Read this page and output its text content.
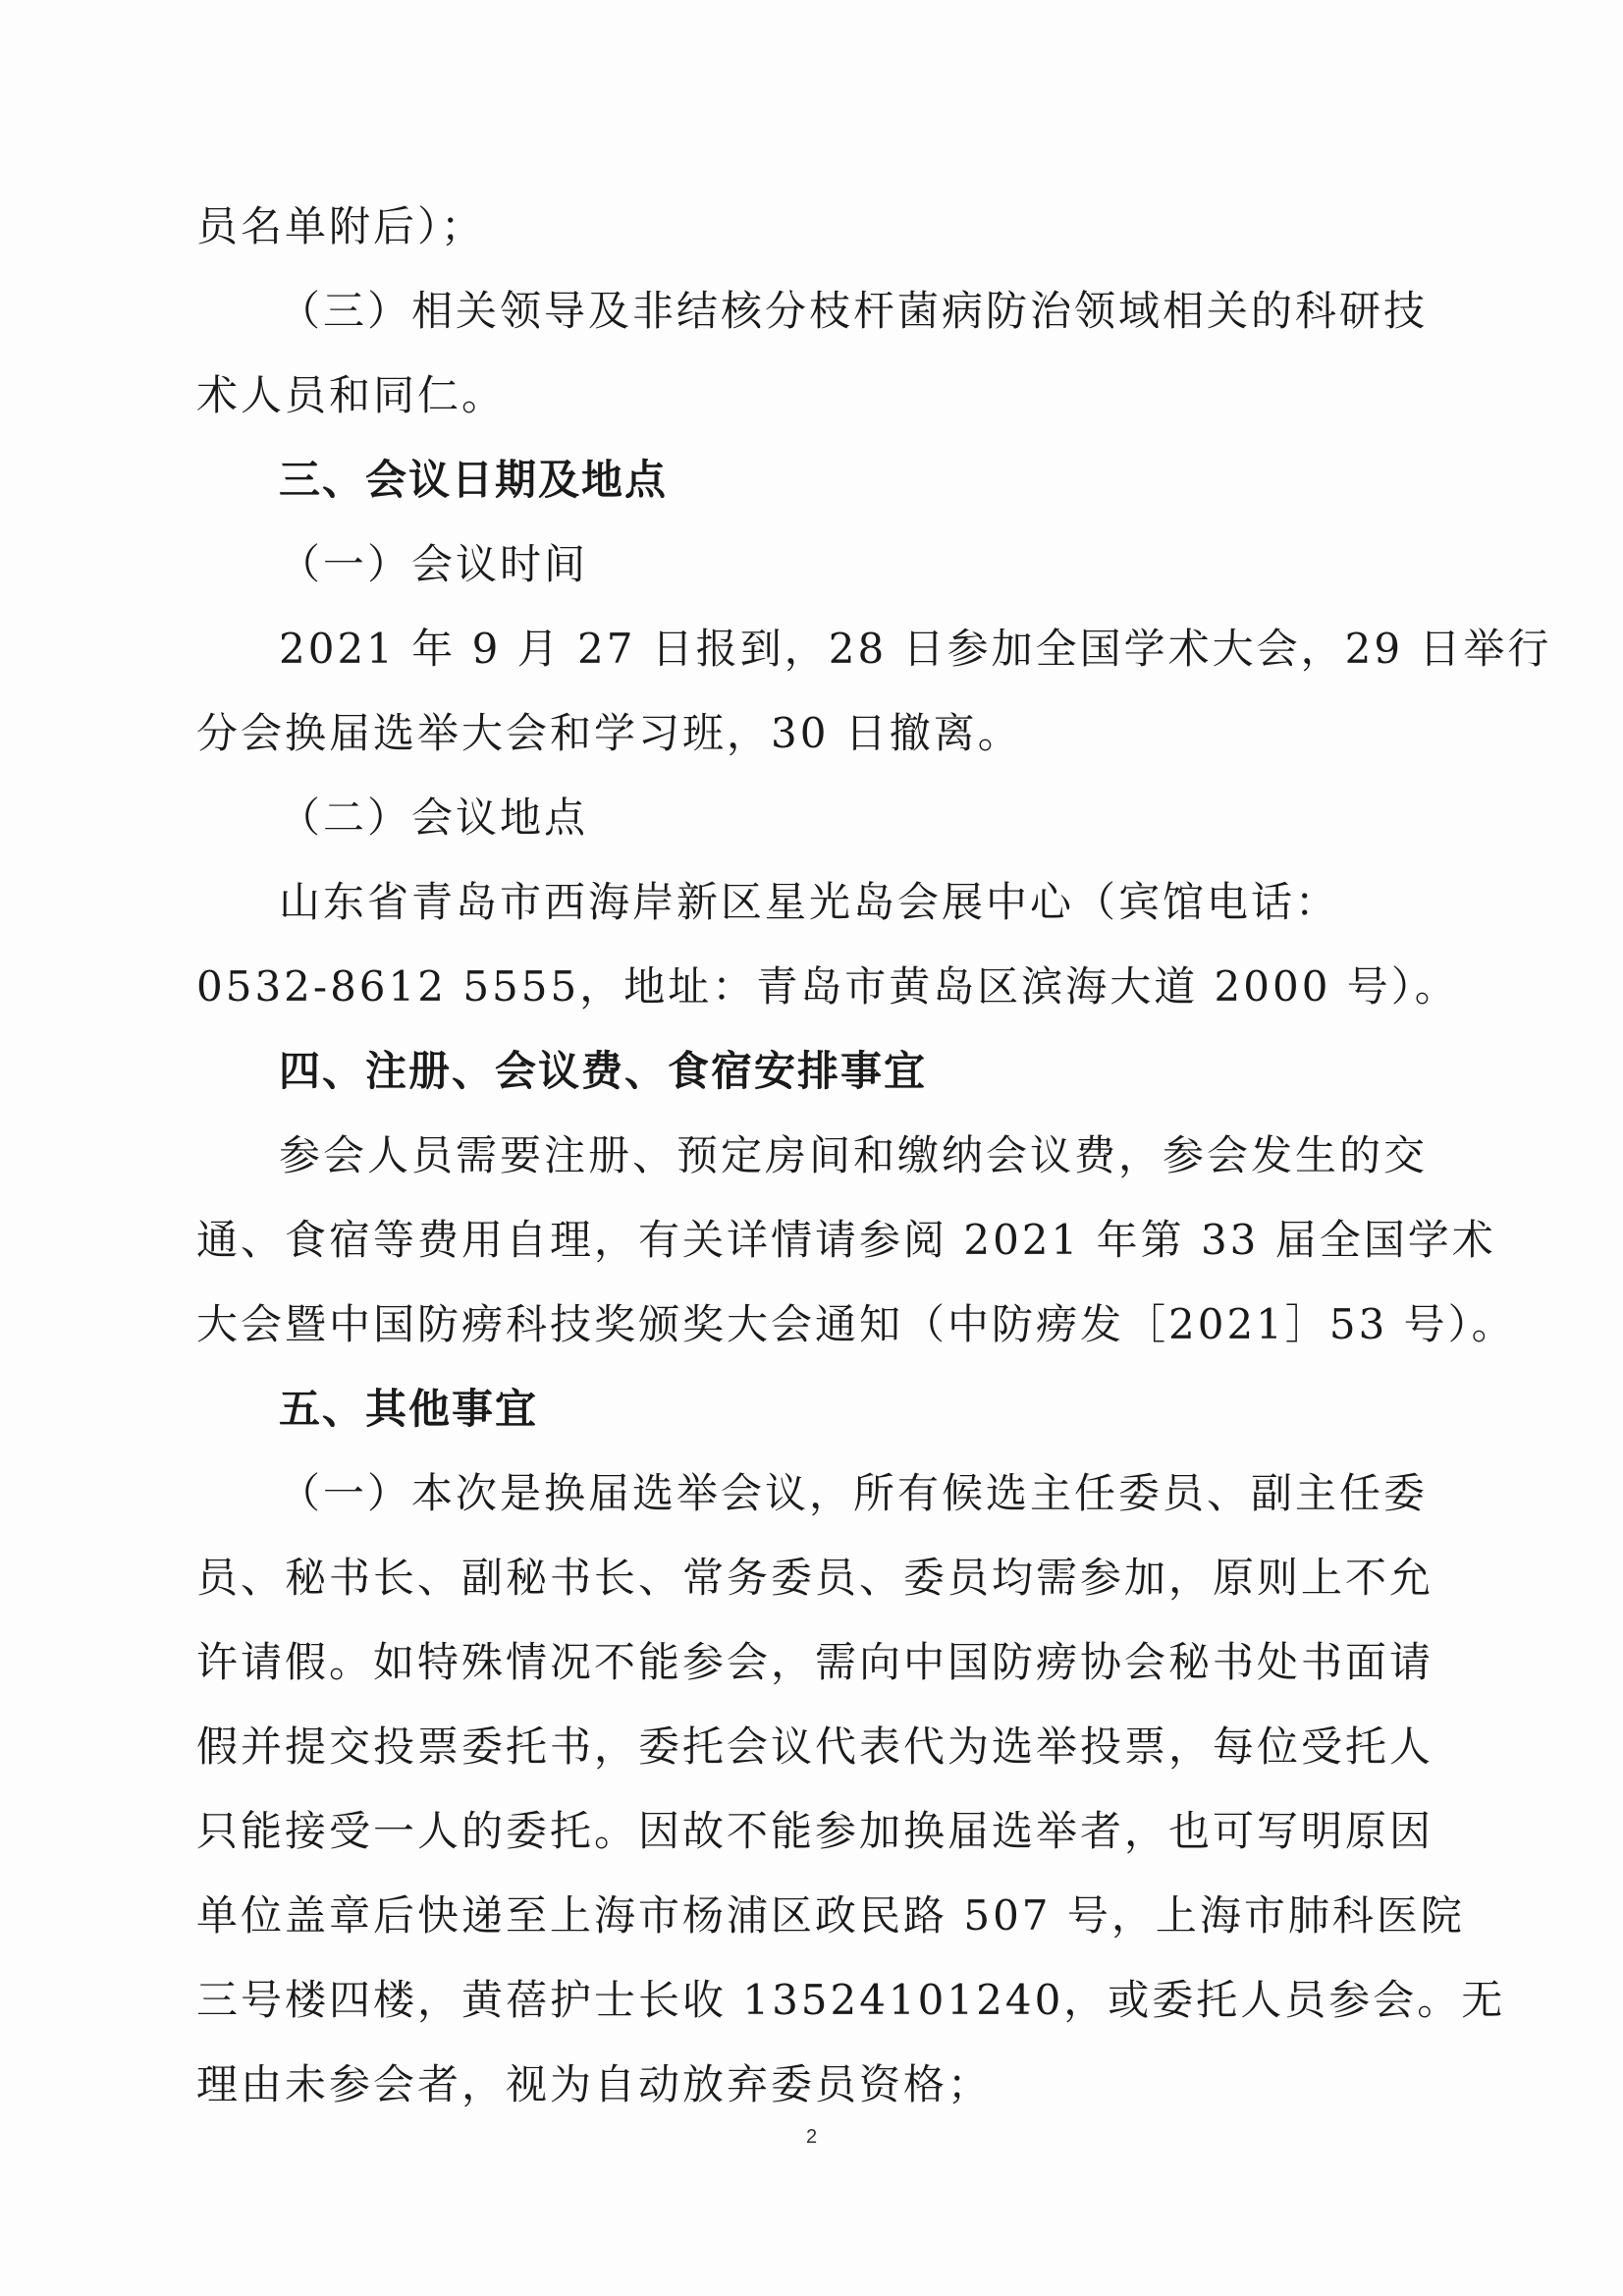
员名单附后）；
（三）相关领导及非结核分枝杆菌病防治领域相关的科研技
术人员和同仁。
三、会议日期及地点
（一）会议时间
2021 年 9 月 27 日报到，28 日参加全国学术大会，29 日举行
分会换届选举大会和学习班，30 日撤离。
（二）会议地点
山东省青岛市西海岸新区星光岛会展中心（宾馆电话：
0532-8612 5555，地址：青岛市黄岛区滨海大道 2000 号）。
四、注册、会议费、食宿安排事宜
参会人员需要注册、预定房间和缴纳会议费，参会发生的交
通、食宿等费用自理，有关详情请参阅 2021 年第 33 届全国学术
大会暨中国防痨科技奖颁奖大会通知（中防痨发［2021］53 号）。
五、其他事宜
（一）本次是换届选举会议，所有候选主任委员、副主任委
员、秘书长、副秘书长、常务委员、委员均需参加，原则上不允
许请假。如特殊情况不能参会，需向中国防痨协会秘书处书面请
假并提交投票委托书，委托会议代表代为选举投票，每位受托人
只能接受一人的委托。因故不能参加换届选举者，也可写明原因
单位盖章后快递至上海市杨浦区政民路 507 号，上海市肺科医院
三号楼四楼，黄蓓护士长收 13524101240，或委托人员参会。无
理由未参会者，视为自动放弃委员资格；
2
